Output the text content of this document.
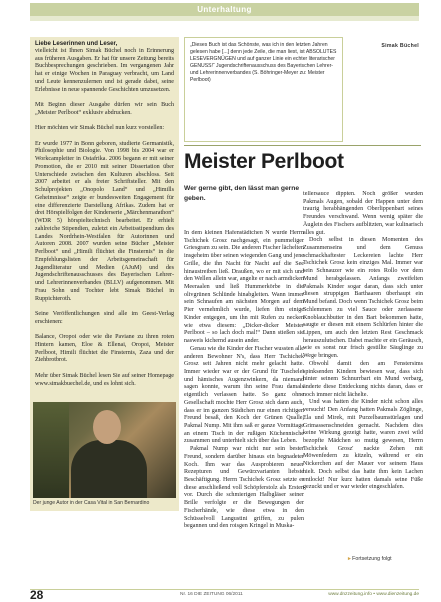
Unterhaltung

Liebe Leserinnen und Leser,

vielleicht ist Ihnen Simak Büchel noch in Erinnerung aus früheren Ausgaben. Er hat für unsere Zeitung bereits Buchbesprechungen geschrieben. Im vergangenen Jahr hat er einige Wochen in Paraguay verbracht, um Land und Leute kennenzulernen und ist gerade dabei, seine Erlebnisse in neue spannende Geschichten umzusetzen.

Mit Beginn dieser Ausgabe dürfen wir sein Buch „Meister Perlboot“ exklusiv abdrucken.

Hier möchten wir Simak Büchel nun kurz vorstellen:

Er wurde 1977 in Bonn geboren, studierte Germanistik, Philosophie und Biologie. Von 1998 bis 2004 war er Workcampleiter in Ostafrika. 2006 begann er mit seiner Promotion, die er 2010 mit seiner Dissertation über Unterschiede zwischen den Kulturen abschloss. Seit 2007 arbeitet er als freier Schriftsteller. Mit den Schulprojekten „Onopolo Land“ und „Himills Geheimnisse“ zeigte er bundesweiten Engagement für eine differenzierte Darstellung Afrikas. Zudem hat er drei Hörspielfolgen der Kinderserie „Märchenmarathon“ (WDR 5) hörspieltechnisch bearbeitet. Er erhielt zahlreiche Stipendien, zuletzt ein Arbeitsstipendium des Landes Nordrhein-Westfalen für Autorinnen und Autoren 2008. 2007 wurden seine Bücher „Meister Perlboot“ und „Himili flüchtet die Finsternis“ in die Empfehlungslisten der Arbeitsgemeinschaft für Jugendliteratur und Medien (AJuM) und des Jugendschriftenausschusses des Bayerischen Lehrer- und Lehrerinnenverbandes (BLLV) aufgenommen. Mit Frau Sohn und Tochter lebt Simak Büchel in Ruppichteroth.

Seine Veröffentlichungen sind alle im Geest-Verlag erschienen:

Balance, Oropoi oder wie die Paviane zu ihren roten Hintern kamen, Eloe & Ellenai, Oropoi, Meister Perlboot, Himili flüchtet die Finsternis, Zaza und der Ziehbrotbrot.

Mehr über Simak Büchel lesen Sie auf seiner Homepage www.simakbuechel.de, und es lohnt sich.

Der junge Autor in der Casa Vital in San Bernardino
„Dieses Buch ist das Schönste, was ich in den letzten Jahren gelesen habe [...] denn jede Zeile, die man liest, ist ABSOLUTES LESEVERGNÜGEN und auf ganzer Linie ein echter literarischer GENUSS!“ Jugendschriftenausschuss des Bayerischen Lehrer- und Lehrerinnenverbandes (S. Böhringer-Meyer zu: Meister Perlboot)
Simak Büchel
Meister Perlboot
Wer gerne gibt, den lässt man gerne geben.

In dem kleinen Hafenstädtchen N wurde Herrn Tschichek Grosz nachgesagt, ein pummeliger Griesgram zu sein. Die anderen Fischer lächelten insgeheim über seinen wiegenden Gang und jene Grille, die ihn Nacht für Nacht auf die See hinaustreiben ließ. Draußen, wo er mit sich und den Wellen allein war, angelte er nach armdicken Meeraalen und ließ Hummerkörbe in die olivgrünen Schlünde hinabgleiten. Wann immer sein Schnaufen am nächsten Morgen auf dem Pier vernehmlich wurde, liefen ihm einige Kinder entgegen, um ihn mit Rufen zu necken wie etwa diesem: „Dicker-dicker Meister Perlboot – so lach doch mal!“ Dann stießen sie nasweis kichernd ausein ander.

Genau wie die Kinder der Fischer wussten alle anderen Bewohner N's, dass Herr Tschichek Grosz seit Jahren nicht mehr gelacht hatte. Immer wieder war er der Grund für Tuscheleï und hämisches Augenzwinkern, da niemand sagen konnte, warum ihn seine Frau damals eigentlich verlassen hatte. So ganz ohne Gesellschaft mochte Herr Grosz sich dann auch, dass er im ganzen Städtchen nur einen richtigen Freund besaß, den Koch der Grünen Qualle, Pakmal Nump. Mit ihm saß er ganze Vormittage an einem Tisch in der rußigen Küchennische zusammen und unterhielt sich über das Leben.

Pakmal Nump war nicht nur sein bester Freund, sondern darüber hinaus ein begnadeter Koch. Ihm war das Ausprobieren neuer Rezepturen und Gewürzvarianten liebste Beschäftigung. Herrn Tschichek Grosz setzte er diese anschließend voll Schöpferstolz als Ersten vor. Durch die schmierigen Halbgläser seiner Brille verfolgte er die Bewegungen der Fischerhände, wie diese etwa in den Schüsselvoll Langustini griffen, zu pulen begannen und den roisgen Kringel in Muska-

tellersauce dippten. Noch größer wurden Pakmals Augen, sobald der Happen unter dem traurig herabhängenden Oberlippenbart seines Freundes verschwand. Wenn wenig später die Äuglein des Fischers aufblitzten, war kulinarisch alles gut.

Doch selbst in diesen Momenten des Zusammenseins und dem Genuss schmackhaftester Leckereien lachte Herr Tschichek Grosz kein einziges Mal. Immer war sein Schnauzer wie ein rotes Rollo vor dem Mund herabgelassen. Anfangs zweifelten Pakmals Kinder sogar daran, dass sich unter diesen struppigen Barthaaren überhaupt ein Mund befand. Doch wenn Tschichek Grosz beim Schlemmen zu viel Sauce oder zerlassene Knoblauchbutter in den Bart bekommen hatte, saugte er diesen mit einem Schlürfen hinter die Lippen, um auch den letzten Rest Geschmack herauszulutschen. Dabei machte er ein Geräusch, wie es sonst nur frisch gestillte Säuglinge zu Wege bringen.

Obwohl damit den am Fenstersims spinksenden Kindern bewiesen war, dass sich hinter seinem Schnurrbart ein Mund verbarg, änderte diese Entdeckung nichts daran, dass er noch immer nicht lächelte.

Und was hatten die Kinder nicht schon alles versucht! Den Anfang hatten Pakmals Zöglinge, Ela und Mirek, mit Purzelbaumstürlagen und Grimassenschneiden gemacht. Nachdem dies keine Wirkung gezeigt hatte, waren zwei wild bezopfte Mädchen so mutig gewesen, Herrn Tschichek Grosz' nackte Zehen mit Möwenfedern zu kitzeln, während er ein Nickerchen auf der Mauer vor seinem Haus hielt. Doch selbst das hatte ihm kein Lachen entlockt! Nur kurz hatten damals seine Füße gezuckt und er war wieder eingeschlafen.

▸ Fortsetzung folgt
28	Nr. 16 DIE ZEITUNG 06/2011	www.dnzzeitung.info • www.dienzeitung.de
